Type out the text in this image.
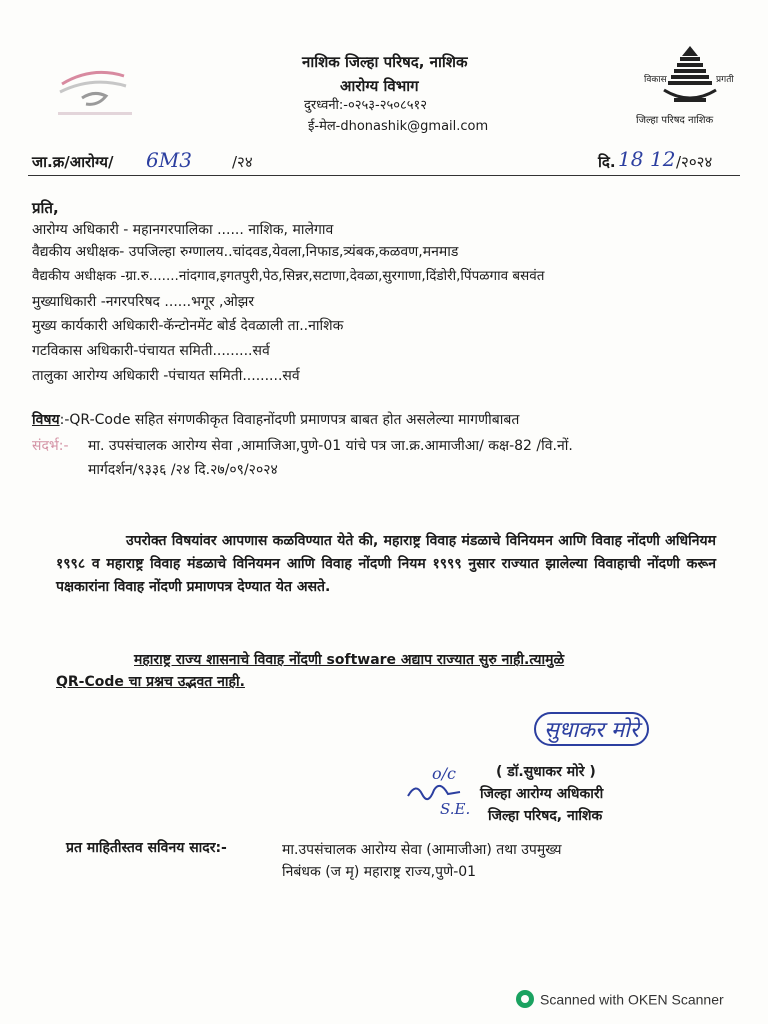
नाशिक जिल्हा परिषद, नाशिक
आरोग्य विभाग
दुरध्वनी:-०२५३-२५०८५१२
ई-मेल-dhonashik@gmail.com
विकास	प्रगती
जिल्हा परिषद नाशिक
जा.क्र/आरोग्य/ 6M3	/२४	दि. 18 12 /२०२४
प्रति,
आरोग्य अधिकारी - महानगरपालिका ...... नाशिक, मालेगाव
वैद्यकीय अधीक्षक- उपजिल्हा रुग्णालय..चांदवड,येवला,निफाड,त्र्यंबक,कळवण,मनमाड
वैद्यकीय अधीक्षक -ग्रा.रु.......नांदगाव,इगतपुरी,पेठ,सिन्नर,सटाणा,देवळा,सुरगाणा,दिंडोरी,पिंपळगाव बसवंत
मुख्याधिकारी -नगरपरिषद ......भगूर ,ओझर
मुख्य कार्यकारी अधिकारी-कॅन्टोनमेंट बोर्ड देवळाली ता..नाशिक
गटविकास अधिकारी-पंचायत समिती.........सर्व
तालुका आरोग्य अधिकारी -पंचायत समिती.........सर्व
विषय:-QR-Code सहित संगणकीकृत विवाहनोंदणी प्रमाणपत्र बाबत होत असलेल्या मागणीबाबत
संदर्भ:- मा. उपसंचालक आरोग्य सेवा ,आमाजिआ,पुणे-01 यांचे पत्र जा.क्र.आमाजीआ/ कक्ष-82 /वि.नों.
मार्गदर्शन/९३३६ /२४ दि.२७/०९/२०२४
उपरोक्त विषयांवर आपणास कळविण्यात येते की, महाराष्ट्र विवाह मंडळाचे विनियमन आणि विवाह नोंदणी अधिनियम १९९८ व महाराष्ट्र विवाह मंडळाचे विनियमन आणि विवाह नोंदणी नियम १९९९ नुसार राज्यात झालेल्या विवाहाची नोंदणी करून पक्षकारांना विवाह नोंदणी प्रमाणपत्र देण्यात येत असते.
महाराष्ट्र राज्य शासनाचे विवाह नोंदणी software अद्याप राज्यात सुरु नाही.त्यामुळे
QR-Code चा प्रश्नच उद्भवत नाही.
सुधाकर मोरे
o/c
S.E.
( डॉ.सुधाकर मोरे )
जिल्हा आरोग्य अधिकारी
जिल्हा परिषद, नाशिक
प्रत माहितीस्तव सविनय सादर:-	मा.उपसंचालक आरोग्य सेवा (आमाजीआ) तथा उपमुख्य
निबंधक (ज मृ) महाराष्ट्र राज्य,पुणे-01
Scanned with OKEN Scanner
